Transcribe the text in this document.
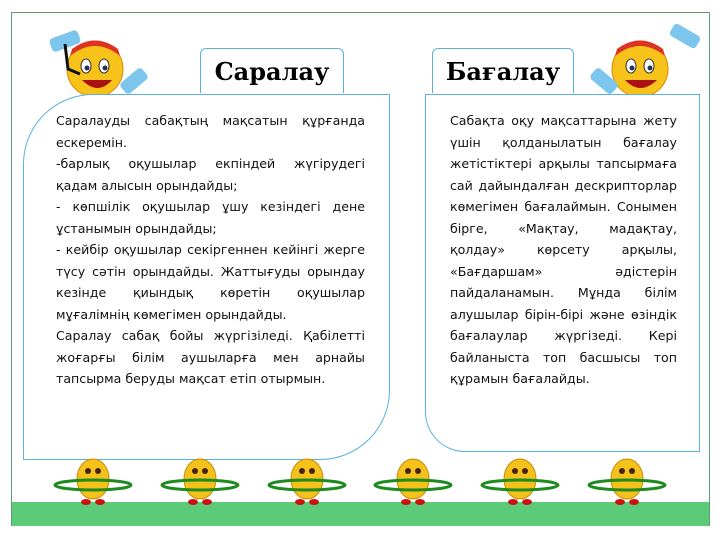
Саралау	Бағалау

Саралауды сабақтың мақсатын құрғанда ескеремін.

-барлық оқушылар екпіндей жүгірудегі қадам алысын орындайды;

- көпшілік оқушылар ұшу кезіндегі дене ұстанымын орындайды;

- кейбір оқушылар секіргеннен кейінгі жерге түсу сәтін орындайды. Жаттығуды орындау кезінде қиындық көретін оқушылар мұғалімнің көмегімен орындайды.

Саралау сабақ бойы жүргізіледі. Қабілетті жоғарғы білім аушыларға мен арнайы тапсырма беруды мақсат етіп отырмын.

Сабақта оқу мақсаттарына жету үшін қолданылатын бағалау жетістіктері арқылы тапсырмаға сай дайындалған дескрипторлар көмегімен бағалаймын. Сонымен бірге, «Мақтау, мадақтау, қолдау» көрсету арқылы, «Бағдаршам» әдістерін пайдаланамын. Мұнда білім алушылар бірін-бірі және өзіндік бағалаулар жүргізеді. Кері байланыста топ басшысы топ құрамын бағалайды.
